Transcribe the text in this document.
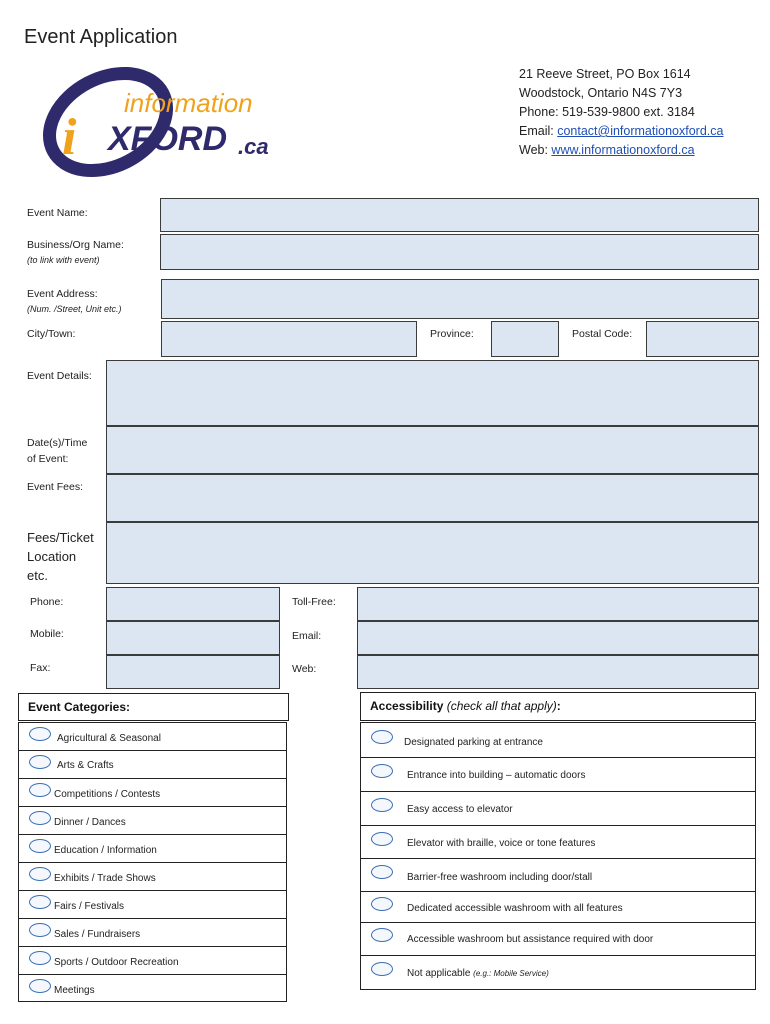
Event Application
information
i XFORD .ca
21 Reeve Street, PO Box 1614
Woodstock, Ontario N4S 7Y3
Phone: 519-539-9800 ext. 3184
Email: contact@informationoxford.ca
Web: www.informationoxford.ca
Event Name:
Business/Org Name:
(to link with event)
Event Address:
(Num. /Street, Unit etc.)
City/Town:	Province:	Postal Code:
Event Details:
Date(s)/Time
of Event:
Event Fees:
Fees/Ticket
Location
etc.
Phone:	Toll-Free:
Mobile:	Email:
Fax:	Web:
Event Categories:
Agricultural & Seasonal
Arts & Crafts
Competitions / Contests
Dinner / Dances
Education / Information
Exhibits / Trade Shows
Fairs / Festivals
Sales / Fundraisers
Sports / Outdoor Recreation
Meetings
Accessibility (check all that apply):
Designated parking at entrance
Entrance into building – automatic doors
Easy access to elevator
Elevator with braille, voice or tone features
Barrier-free washroom including door/stall
Dedicated accessible washroom with all features
Accessible washroom but assistance required with door
Not applicable (e.g.: Mobile Service)
